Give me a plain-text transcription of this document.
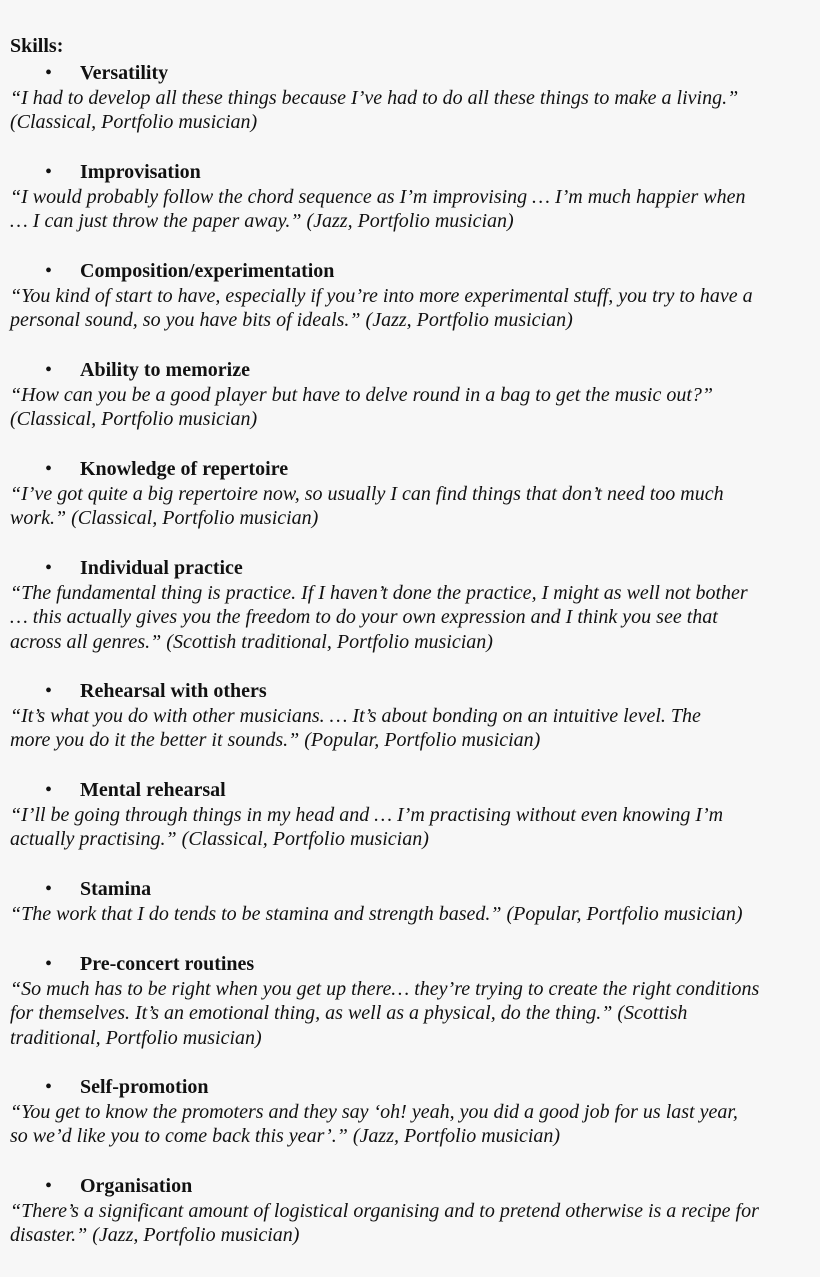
Skills:
• Versatility

“I had to develop all these things because I’ve had to do all these things to make a living.”
(Classical, Portfolio musician)

• Improvisation

“I would probably follow the chord sequence as I’m improvising … I’m much happier when
… I can just throw the paper away.” (Jazz, Portfolio musician)

• Composition/experimentation

“You kind of start to have, especially if you’re into more experimental stuff, you try to have a
personal sound, so you have bits of ideals.” (Jazz, Portfolio musician)

• Ability to memorize

“How can you be a good player but have to delve round in a bag to get the music out?”
(Classical, Portfolio musician)

• Knowledge of repertoire

“I’ve got quite a big repertoire now, so usually I can find things that don’t need too much
work.” (Classical, Portfolio musician)

• Individual practice

“The fundamental thing is practice. If I haven’t done the practice, I might as well not bother
… this actually gives you the freedom to do your own expression and I think you see that
across all genres.” (Scottish traditional, Portfolio musician)

• Rehearsal with others

“It’s what you do with other musicians. … It’s about bonding on an intuitive level. The
more you do it the better it sounds.” (Popular, Portfolio musician)

• Mental rehearsal

“I’ll be going through things in my head and … I’m practising without even knowing I’m
actually practising.” (Classical, Portfolio musician)

• Stamina

“The work that I do tends to be stamina and strength based.” (Popular, Portfolio musician)

• Pre-concert routines

“So much has to be right when you get up there… they’re trying to create the right conditions
for themselves. It’s an emotional thing, as well as a physical, do the thing.” (Scottish
traditional, Portfolio musician)

• Self-promotion

“You get to know the promoters and they say ‘oh! yeah, you did a good job for us last year,
so we’d like you to come back this year’.” (Jazz, Portfolio musician)

• Organisation

“There’s a significant amount of logistical organising and to pretend otherwise is a recipe for
disaster.” (Jazz, Portfolio musician)
